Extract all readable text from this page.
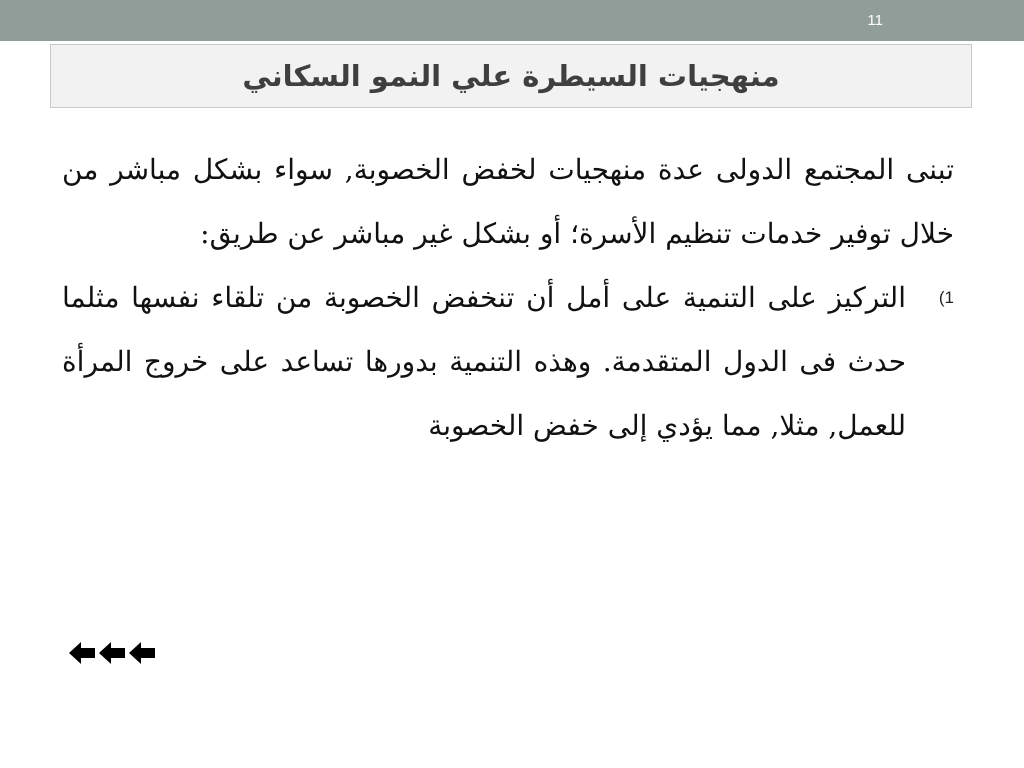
11
منهجيات السيطرة علي النمو السكاني

تبنى المجتمع الدولى عدة منهجيات لخفض الخصوبة, سواء بشكل مباشر من خلال توفير خدمات تنظيم الأسرة؛ أو بشكل غير مباشر عن طريق:

1)

التركيز على التنمية على أمل أن تنخفض الخصوبة من تلقاء نفسها مثلما حدث فى الدول المتقدمة. وهذه التنمية بدورها تساعد على خروج المرأة للعمل, مثلا, مما يؤدي إلى خفض الخصوبة
